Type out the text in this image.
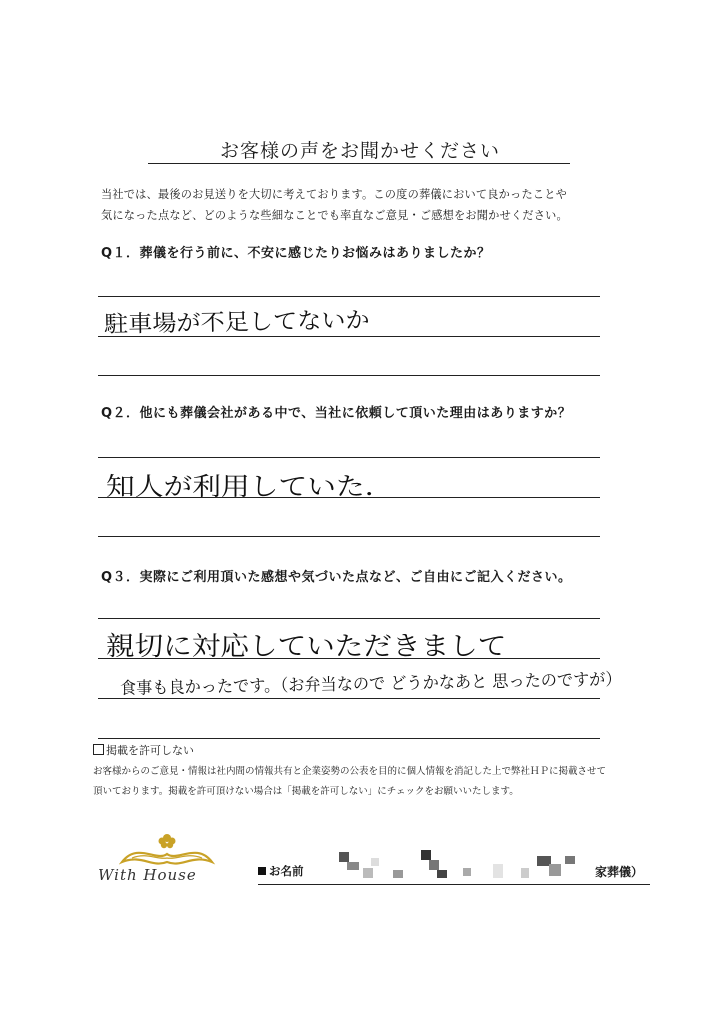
お客様の声をお聞かせください
当社では、最後のお見送りを大切に考えております。この度の葬儀において良かったことや
気になった点など、どのような些細なことでも率直なご意見・ご感想をお聞かせください。
Q１．葬儀を行う前に、不安に感じたりお悩みはありましたか？
駐車場が不足してないか
Q２．他にも葬儀会社がある中で、当社に依頼して頂いた理由はありますか？
知人が利用していた．
Q３．実際にご利用頂いた感想や気づいた点など、ご自由にご記入ください。
親切に対応していただきまして
食事も良かったです。（お弁当なので どうかなあと 思ったのですが）
掲載を許可しない
お客様からのご意見・情報は社内間の情報共有と企業姿勢の公表を目的に個人情報を消記した上で弊社ＨＰに掲載させて
頂いております。掲載を許可頂けない場合は「掲載を許可しない」にチェックをお願いいたします。
With House	お名前	家葬儀）
